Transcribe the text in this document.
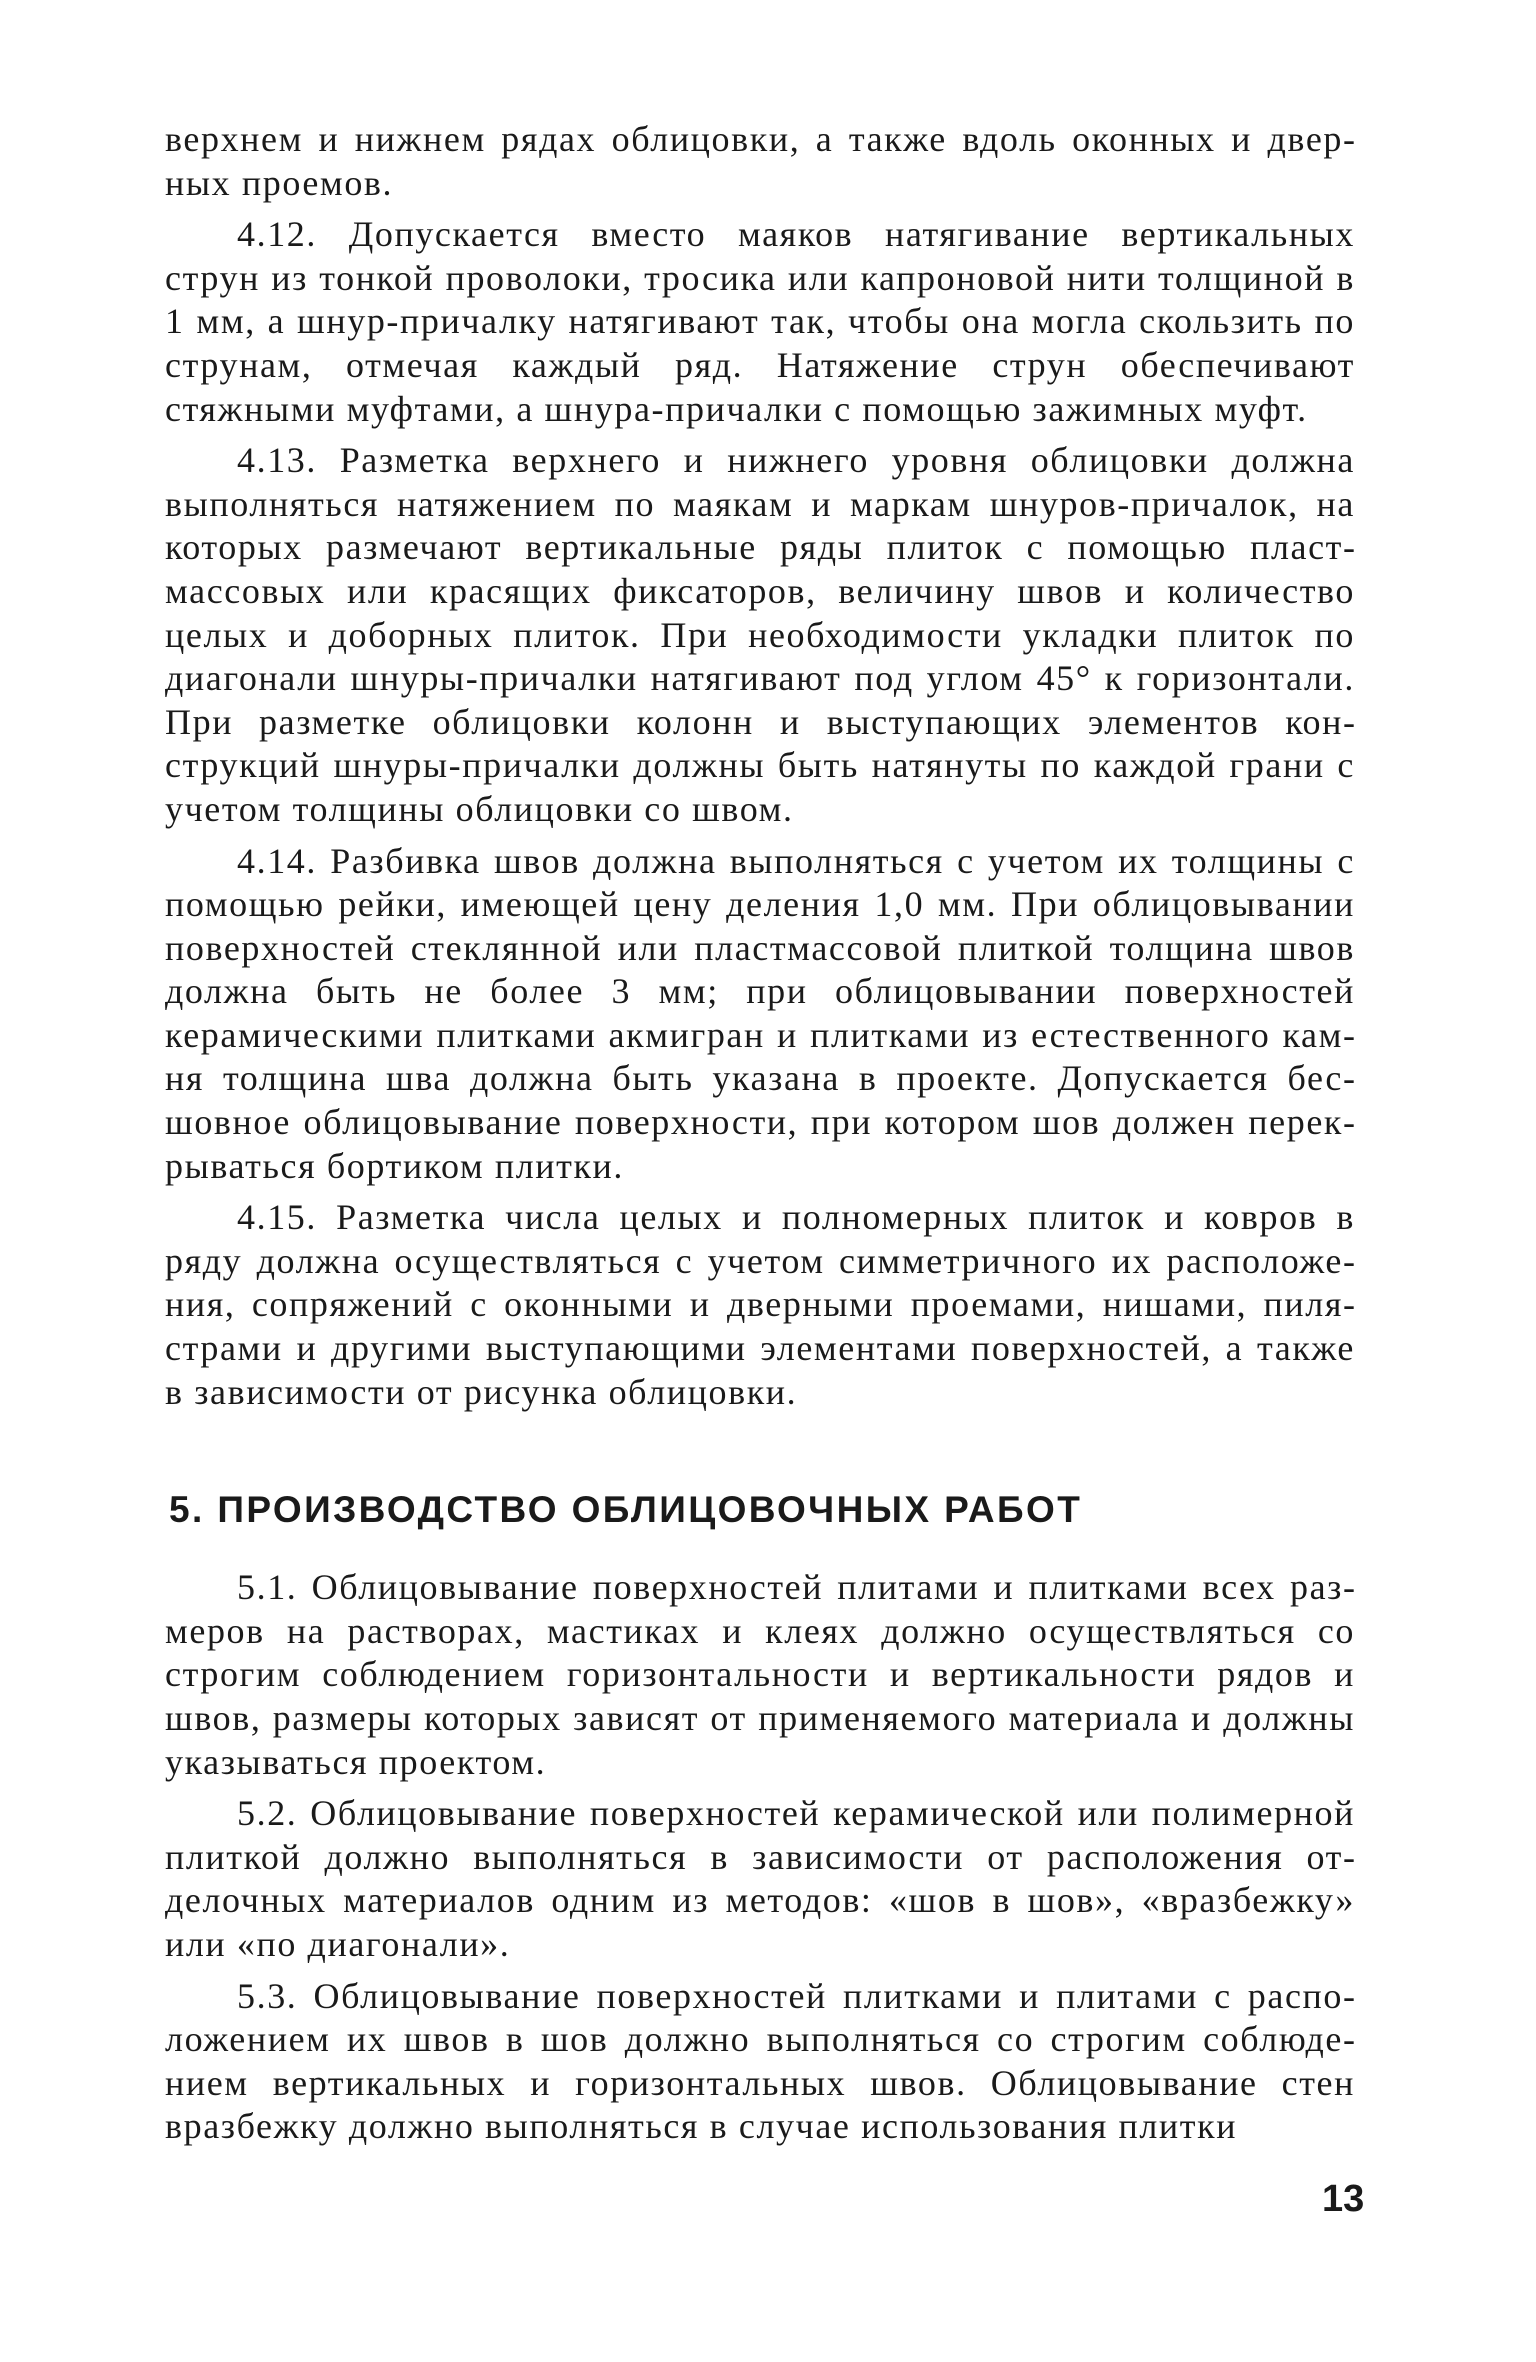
верхнем и нижнем рядах облицовки, а также вдоль оконных и дверных проемов.

4.12. Допускается вместо маяков натягивание вертикальных струн из тонкой проволоки, тросика или капроновой нити толщиной в 1 мм, а шнур-причалку натягивают так, чтобы она могла скользить по струнам, отмечая каждый ряд. Натяжение струн обеспечивают стяжными муфтами, а шнура-причалки с помощью зажимных муфт.

4.13. Разметка верхнего и нижнего уровня облицовки должна выполняться натяжением по маякам и маркам шнуров-причалок, на которых размечают вертикальные ряды плиток с помощью пластмассовых или красящих фиксаторов, величину швов и количество целых и доборных плиток. При необходимости укладки плиток по диагонали шнуры-причалки натягивают под углом 45° к горизонтали. При разметке облицовки колонн и выступающих элементов конструкций шнуры-причалки должны быть натянуты по каждой грани с учетом толщины облицовки со швом.

4.14. Разбивка швов должна выполняться с учетом их толщины с помощью рейки, имеющей цену деления 1,0 мм. При облицовывании поверхностей стеклянной или пластмассовой плиткой толщина швов должна быть не более 3 мм; при облицовывании поверхностей керамическими плитками акмигран и плитками из естественного камня толщина шва должна быть указана в проекте. Допускается бесшовное облицовывание поверхности, при котором шов должен перекрываться бортиком плитки.

4.15. Разметка числа целых и полномерных плиток и ковров в ряду должна осуществляться с учетом симметричного их расположения, сопряжений с оконными и дверными проемами, нишами, пилястрами и другими выступающими элементами поверхностей, а также в зависимости от рисунка облицовки.

5. ПРОИЗВОДСТВО ОБЛИЦОВОЧНЫХ РАБОТ

5.1. Облицовывание поверхностей плитами и плитками всех размеров на растворах, мастиках и клеях должно осуществляться со строгим соблюдением горизонтальности и вертикальности рядов и швов, размеры которых зависят от применяемого материала и должны указываться проектом.

5.2. Облицовывание поверхностей керамической или полимерной плиткой должно выполняться в зависимости от расположения отделочных материалов одним из методов: «шов в шов», «вразбежку» или «по диагонали».

5.3. Облицовывание поверхностей плитками и плитами с расположением их швов в шов должно выполняться со строгим соблюдением вертикальных и горизонтальных швов. Облицовывание стен вразбежку должно выполняться в случае использования плитки

13
